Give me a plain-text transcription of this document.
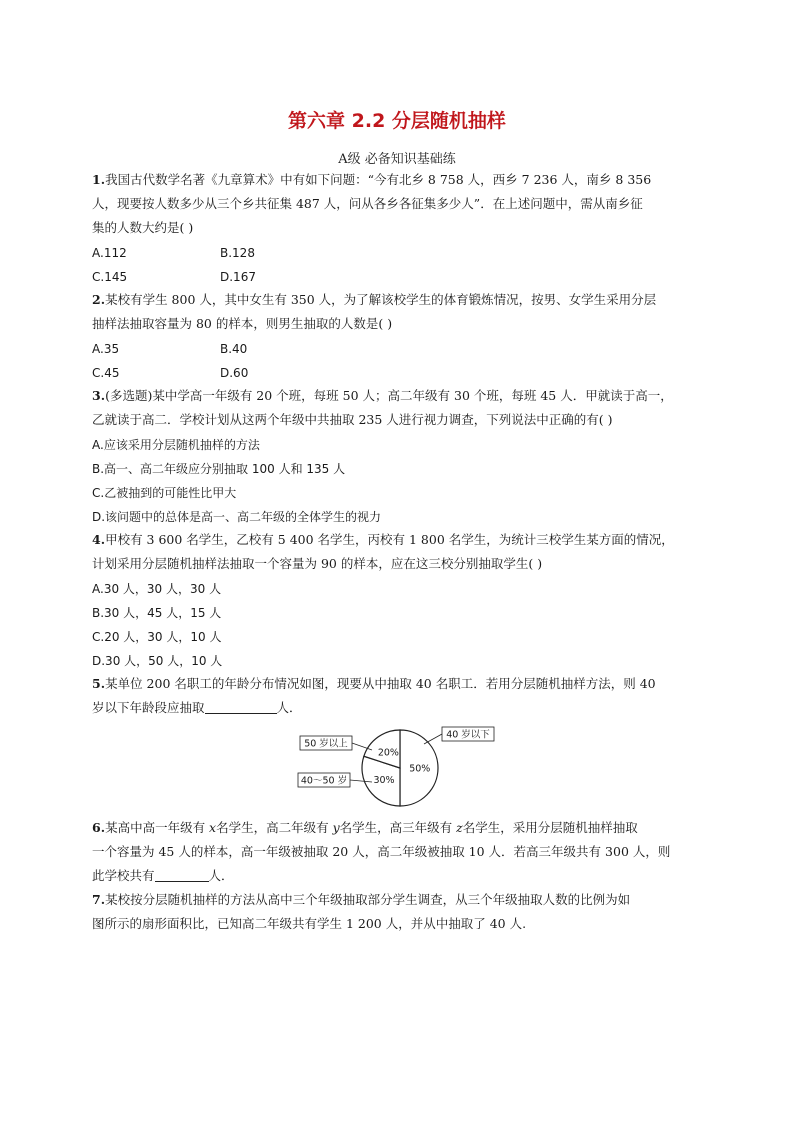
第六章 2.2 分层随机抽样
A级 必备知识基础练
1.我国古代数学名著《九章算术》中有如下问题：“今有北乡 8 758 人，西乡 7 236 人，南乡 8 356
人，现要按人数多少从三个乡共征集 487 人，问从各乡各征集多少人”．在上述问题中，需从南乡征
集的人数大约是( )
A.112	B.128
C.145	D.167
2.某校有学生 800 人，其中女生有 350 人，为了解该校学生的体育锻炼情况，按男、女学生采用分层
抽样法抽取容量为 80 的样本，则男生抽取的人数是( )
A.35	B.40
C.45	D.60
3.(多选题)某中学高一年级有 20 个班，每班 50 人；高二年级有 30 个班，每班 45 人．甲就读于高一，
乙就读于高二．学校计划从这两个年级中共抽取 235 人进行视力调查，下列说法中正确的有( )
A.应该采用分层随机抽样的方法
B.高一、高二年级应分别抽取 100 人和 135 人
C.乙被抽到的可能性比甲大
D.该问题中的总体是高一、高二年级的全体学生的视力
4.甲校有 3 600 名学生，乙校有 5 400 名学生，丙校有 1 800 名学生，为统计三校学生某方面的情况，
计划采用分层随机抽样法抽取一个容量为 90 的样本，应在这三校分别抽取学生( )
A.30 人，30 人，30 人
B.30 人，45 人，15 人
C.20 人，30 人，10 人
D.30 人，50 人，10 人
5.某单位 200 名职工的年龄分布情况如图，现要从中抽取 40 名职工．若用分层随机抽样方法，则 40
岁以下年龄段应抽取	人．
50%
40 岁以下
30%
40～50 岁
20%
50 岁以上
6.某高中高一年级有 x名学生，高二年级有 y名学生，高三年级有 z名学生，采用分层随机抽样抽取
一个容量为 45 人的样本，高一年级被抽取 20 人，高二年级被抽取 10 人．若高三年级共有 300 人，则
此学校共有	人．
7.某校按分层随机抽样的方法从高中三个年级抽取部分学生调查，从三个年级抽取人数的比例为如
图所示的扇形面积比，已知高二年级共有学生 1 200 人，并从中抽取了 40 人.
